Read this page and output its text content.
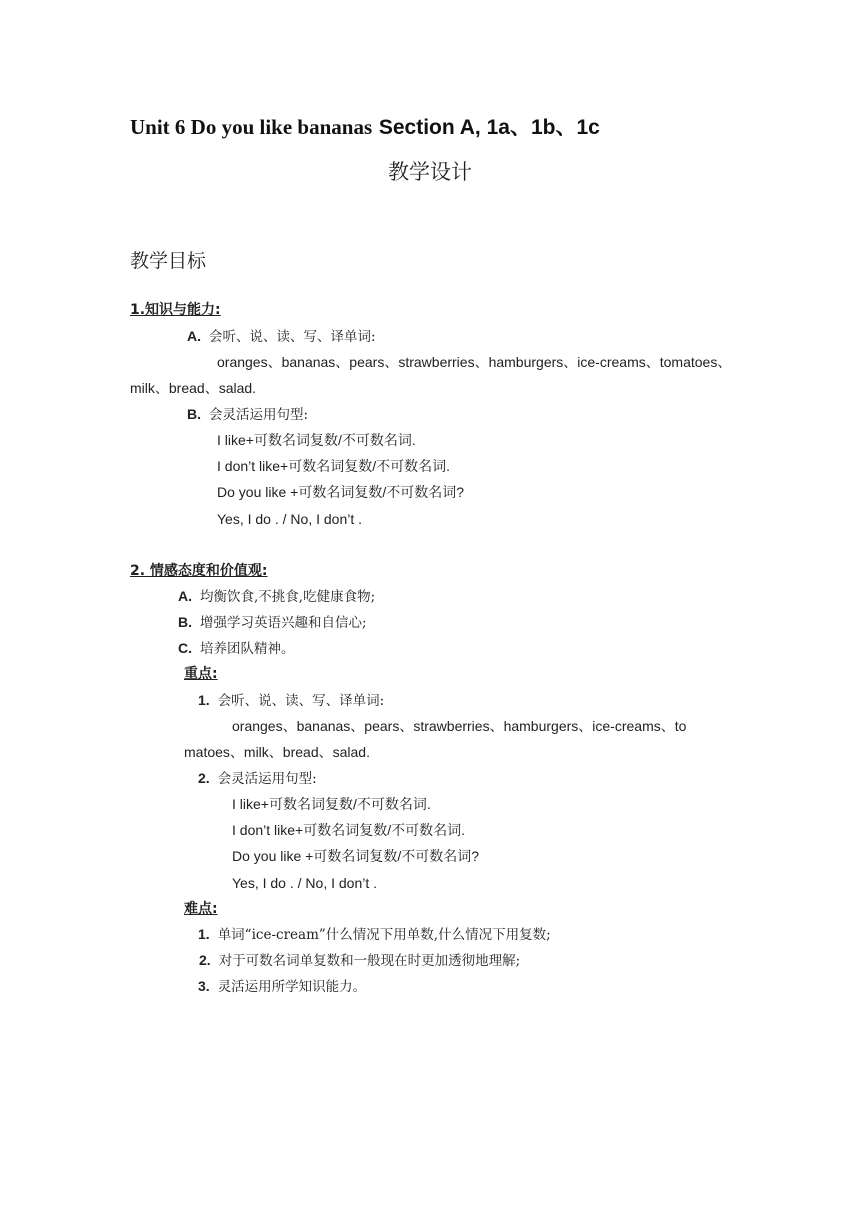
Unit 6 Do you like bananas Section A, 1a、1b、1c
教学设计
教学目标
1.知识与能力:
A. 会听、说、读、写、译单词:
oranges、bananas、pears、strawberries、hamburgers、ice-creams、tomatoes、
milk、bread、salad.
B. 会灵活运用句型:
I like+可数名词复数/不可数名词.
I don’t like+可数名词复数/不可数名词.
Do you like +可数名词复数/不可数名词?
Yes, I do . / No, I don’t .
2. 情感态度和价值观:
A. 均衡饮食,不挑食,吃健康食物;
B. 增强学习英语兴趣和自信心;
C. 培养团队精神。
重点:
1. 会听、说、读、写、译单词:
oranges、bananas、pears、strawberries、hamburgers、ice-creams、to
matoes、milk、bread、salad.
2. 会灵活运用句型:
I like+可数名词复数/不可数名词.
I don’t like+可数名词复数/不可数名词.
Do you like +可数名词复数/不可数名词?
Yes, I do . / No, I don’t .
难点:
1. 单词“ice-cream”什么情况下用单数,什么情况下用复数;
2. 对于可数名词单复数和一般现在时更加透彻地理解;
3. 灵活运用所学知识能力。
